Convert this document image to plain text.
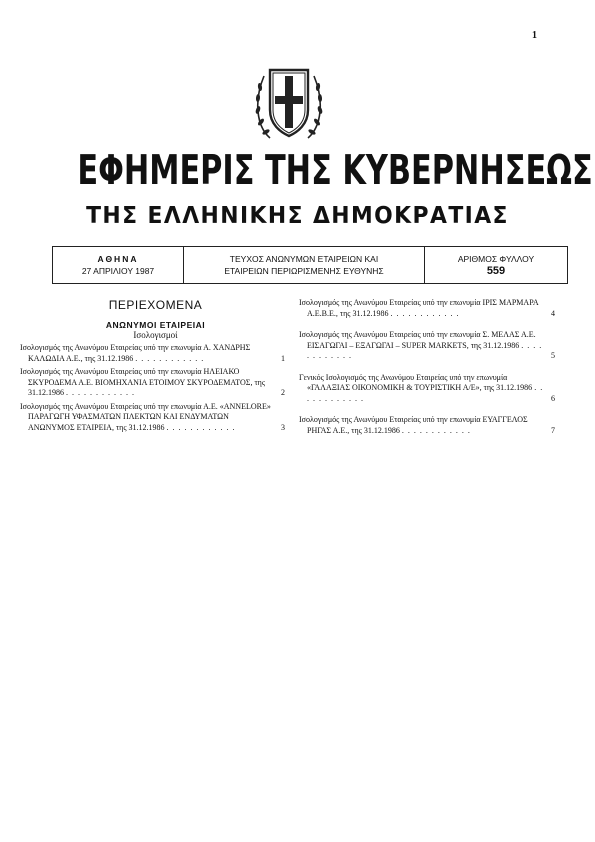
1
ΕΦΗΜΕΡΙΣ ΤΗΣ ΚΥΒΕΡΝΗΣΕΩΣ
ΤΗΣ ΕΛΛΗΝΙΚΗΣ ΔΗΜΟΚΡΑΤΙΑΣ
ΑΘΗΝΑ
27 ΑΠΡΙΛΙΟΥ 1987
ΤΕΥΧΟΣ ΑΝΩΝΥΜΩΝ ΕΤΑΙΡΕΙΩΝ ΚΑΙ
ΕΤΑΙΡΕΙΩΝ ΠΕΡΙΩΡΙΣΜΕΝΗΣ ΕΥΘΥΝΗΣ
ΑΡΙΘΜΟΣ ΦΥΛΛΟΥ
559
ΠΕΡΙΕΧΟΜΕΝΑ
ΑΝΩΝΥΜΟΙ ΕΤΑΙΡΕΙΑΙ
Ισολογισμοί
Ισολογισμός της Ανωνύμου Εταιρείας υπό την επωνυμία Α. ΧΑΝΔΡΗΣ ΚΑΛΩΔΙΑ Α.Ε., της 31.12.1986 . . . . . . . . . . . .	1
Ισολογισμός της Ανωνύμου Εταιρείας υπό την επωνυμία ΗΛΕΙΑΚΟ ΣΚΥΡΟΔΕΜΑ Α.Ε. ΒΙΟΜΗΧΑΝΙΑ ΕΤΟΙΜΟΥ ΣΚΥΡΟΔΕΜΑΤΟΣ, της 31.12.1986 . . . . . . . . . . . .	2
Ισολογισμός της Ανωνύμου Εταιρείας υπό την επωνυμία Α.Ε. «ΑΝΝΕLORE» ΠΑΡΑΓΩΓΗ ΥΦΑΣΜΑΤΩΝ ΠΛΕΚΤΩΝ ΚΑΙ ΕΝΔΥΜΑΤΩΝ ΑΝΩΝΥΜΟΣ ΕΤΑΙΡΕΙΑ, της 31.12.1986 . . . . . . . . . . . .	3
Ισολογισμός της Ανωνύμου Εταιρείας υπό την επωνυμία ΙΡΙΣ ΜΑΡΜΑΡΑ Α.Ε.Β.Ε., της 31.12.1986 . . . . . . . . . . . .	4
Ισολογισμός της Ανωνύμου Εταιρείας υπό την επωνυμία Σ. ΜΕΛΑΣ Α.Ε. ΕΙΣΑΓΩΓΑΙ – ΕΞΑΓΩΓΑΙ – SUPER MARKETS, της 31.12.1986 . . . . . . . . . . . .	5
Γενικός Ισολογισμός της Ανωνύμου Εταιρείας υπό την επωνυμία «ΓΑΛΑΞΙΑΣ ΟΙΚΟΝΟΜΙΚΗ & ΤΟΥΡΙΣΤΙΚΗ Α/Ε», της 31.12.1986 . . . . . . . . . . . .	6
Ισολογισμός της Ανωνύμου Εταιρείας υπό την επωνυμία ΕΥΑΓΓΕΛΟΣ ΡΗΓΑΣ Α.Ε., της 31.12.1986 . . . . . . . . . . . .	7
